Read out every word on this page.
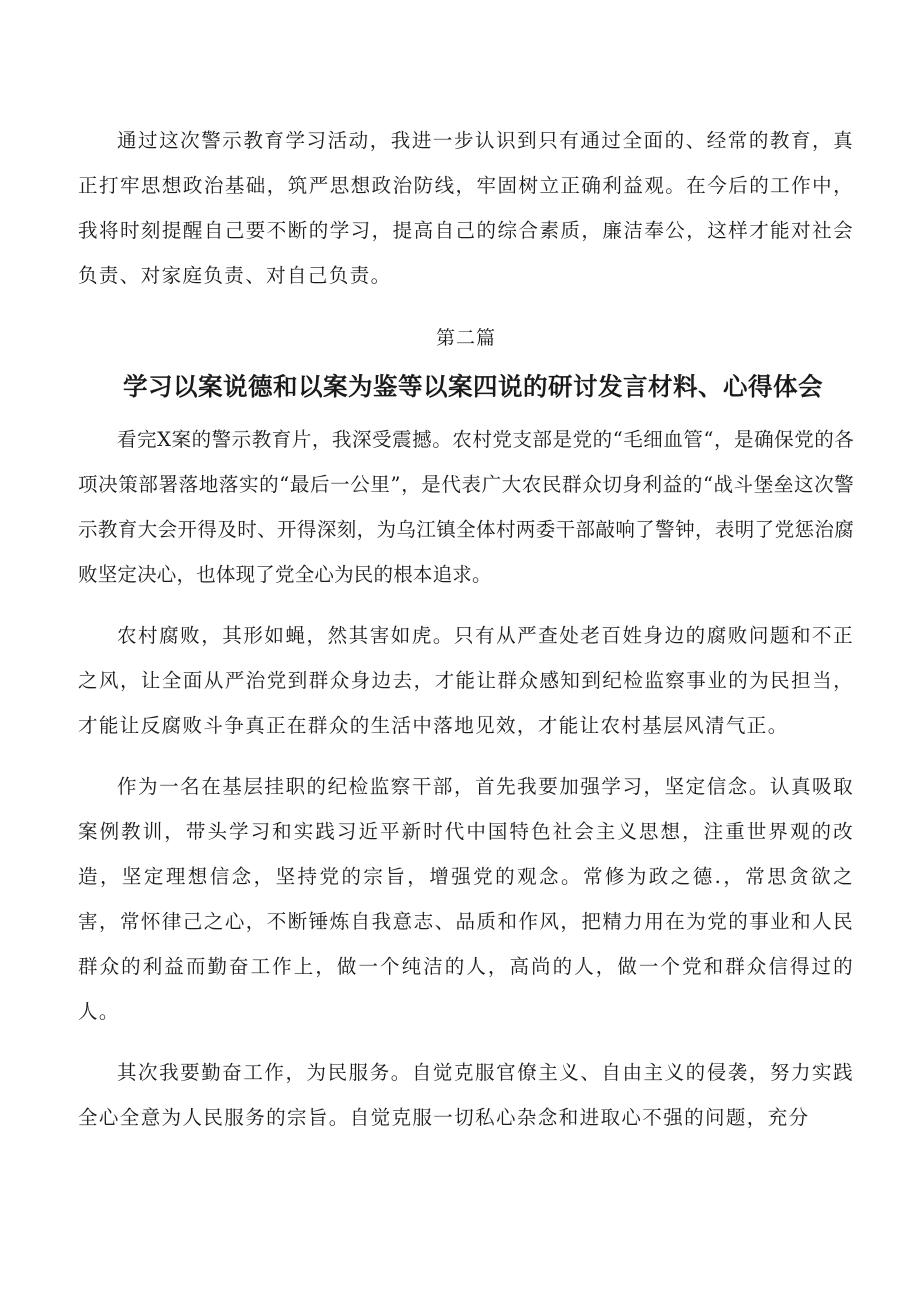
通过这次警示教育学习活动，我进一步认识到只有通过全面的、经常的教育，真正打牢思想政治基础，筑严思想政治防线，牢固树立正确利益观。在今后的工作中，我将时刻提醒自己要不断的学习，提高自己的综合素质，廉洁奉公，这样才能对社会负责、对家庭负责、对自己负责。

第二篇

学习以案说德和以案为鉴等以案四说的研讨发言材料、心得体会

看完X案的警示教育片，我深受震撼。农村党支部是党的“毛细血管“，是确保党的各项决策部署落地落实的“最后一公里”，是代表广大农民群众切身利益的“战斗堡垒这次警示教育大会开得及时、开得深刻，为乌江镇全体村两委干部敲响了警钟，表明了党惩治腐败坚定决心，也体现了党全心为民的根本追求。

农村腐败，其形如蝇，然其害如虎。只有从严查处老百姓身边的腐败问题和不正之风，让全面从严治党到群众身边去，才能让群众感知到纪检监察事业的为民担当，才能让反腐败斗争真正在群众的生活中落地见效，才能让农村基层风清气正。

作为一名在基层挂职的纪检监察干部，首先我要加强学习，坚定信念。认真吸取案例教训，带头学习和实践习近平新时代中国特色社会主义思想，注重世界观的改造，坚定理想信念，坚持党的宗旨，增强党的观念。常修为政之德.，常思贪欲之害，常怀律己之心，不断锤炼自我意志、品质和作风，把精力用在为党的事业和人民群众的利益而勤奋工作上，做一个纯洁的人，高尚的人，做一个党和群众信得过的人。

其次我要勤奋工作，为民服务。自觉克服官僚主义、自由主义的侵袭，努力实践全心全意为人民服务的宗旨。自觉克服一切私心杂念和进取心不强的问题，充分
